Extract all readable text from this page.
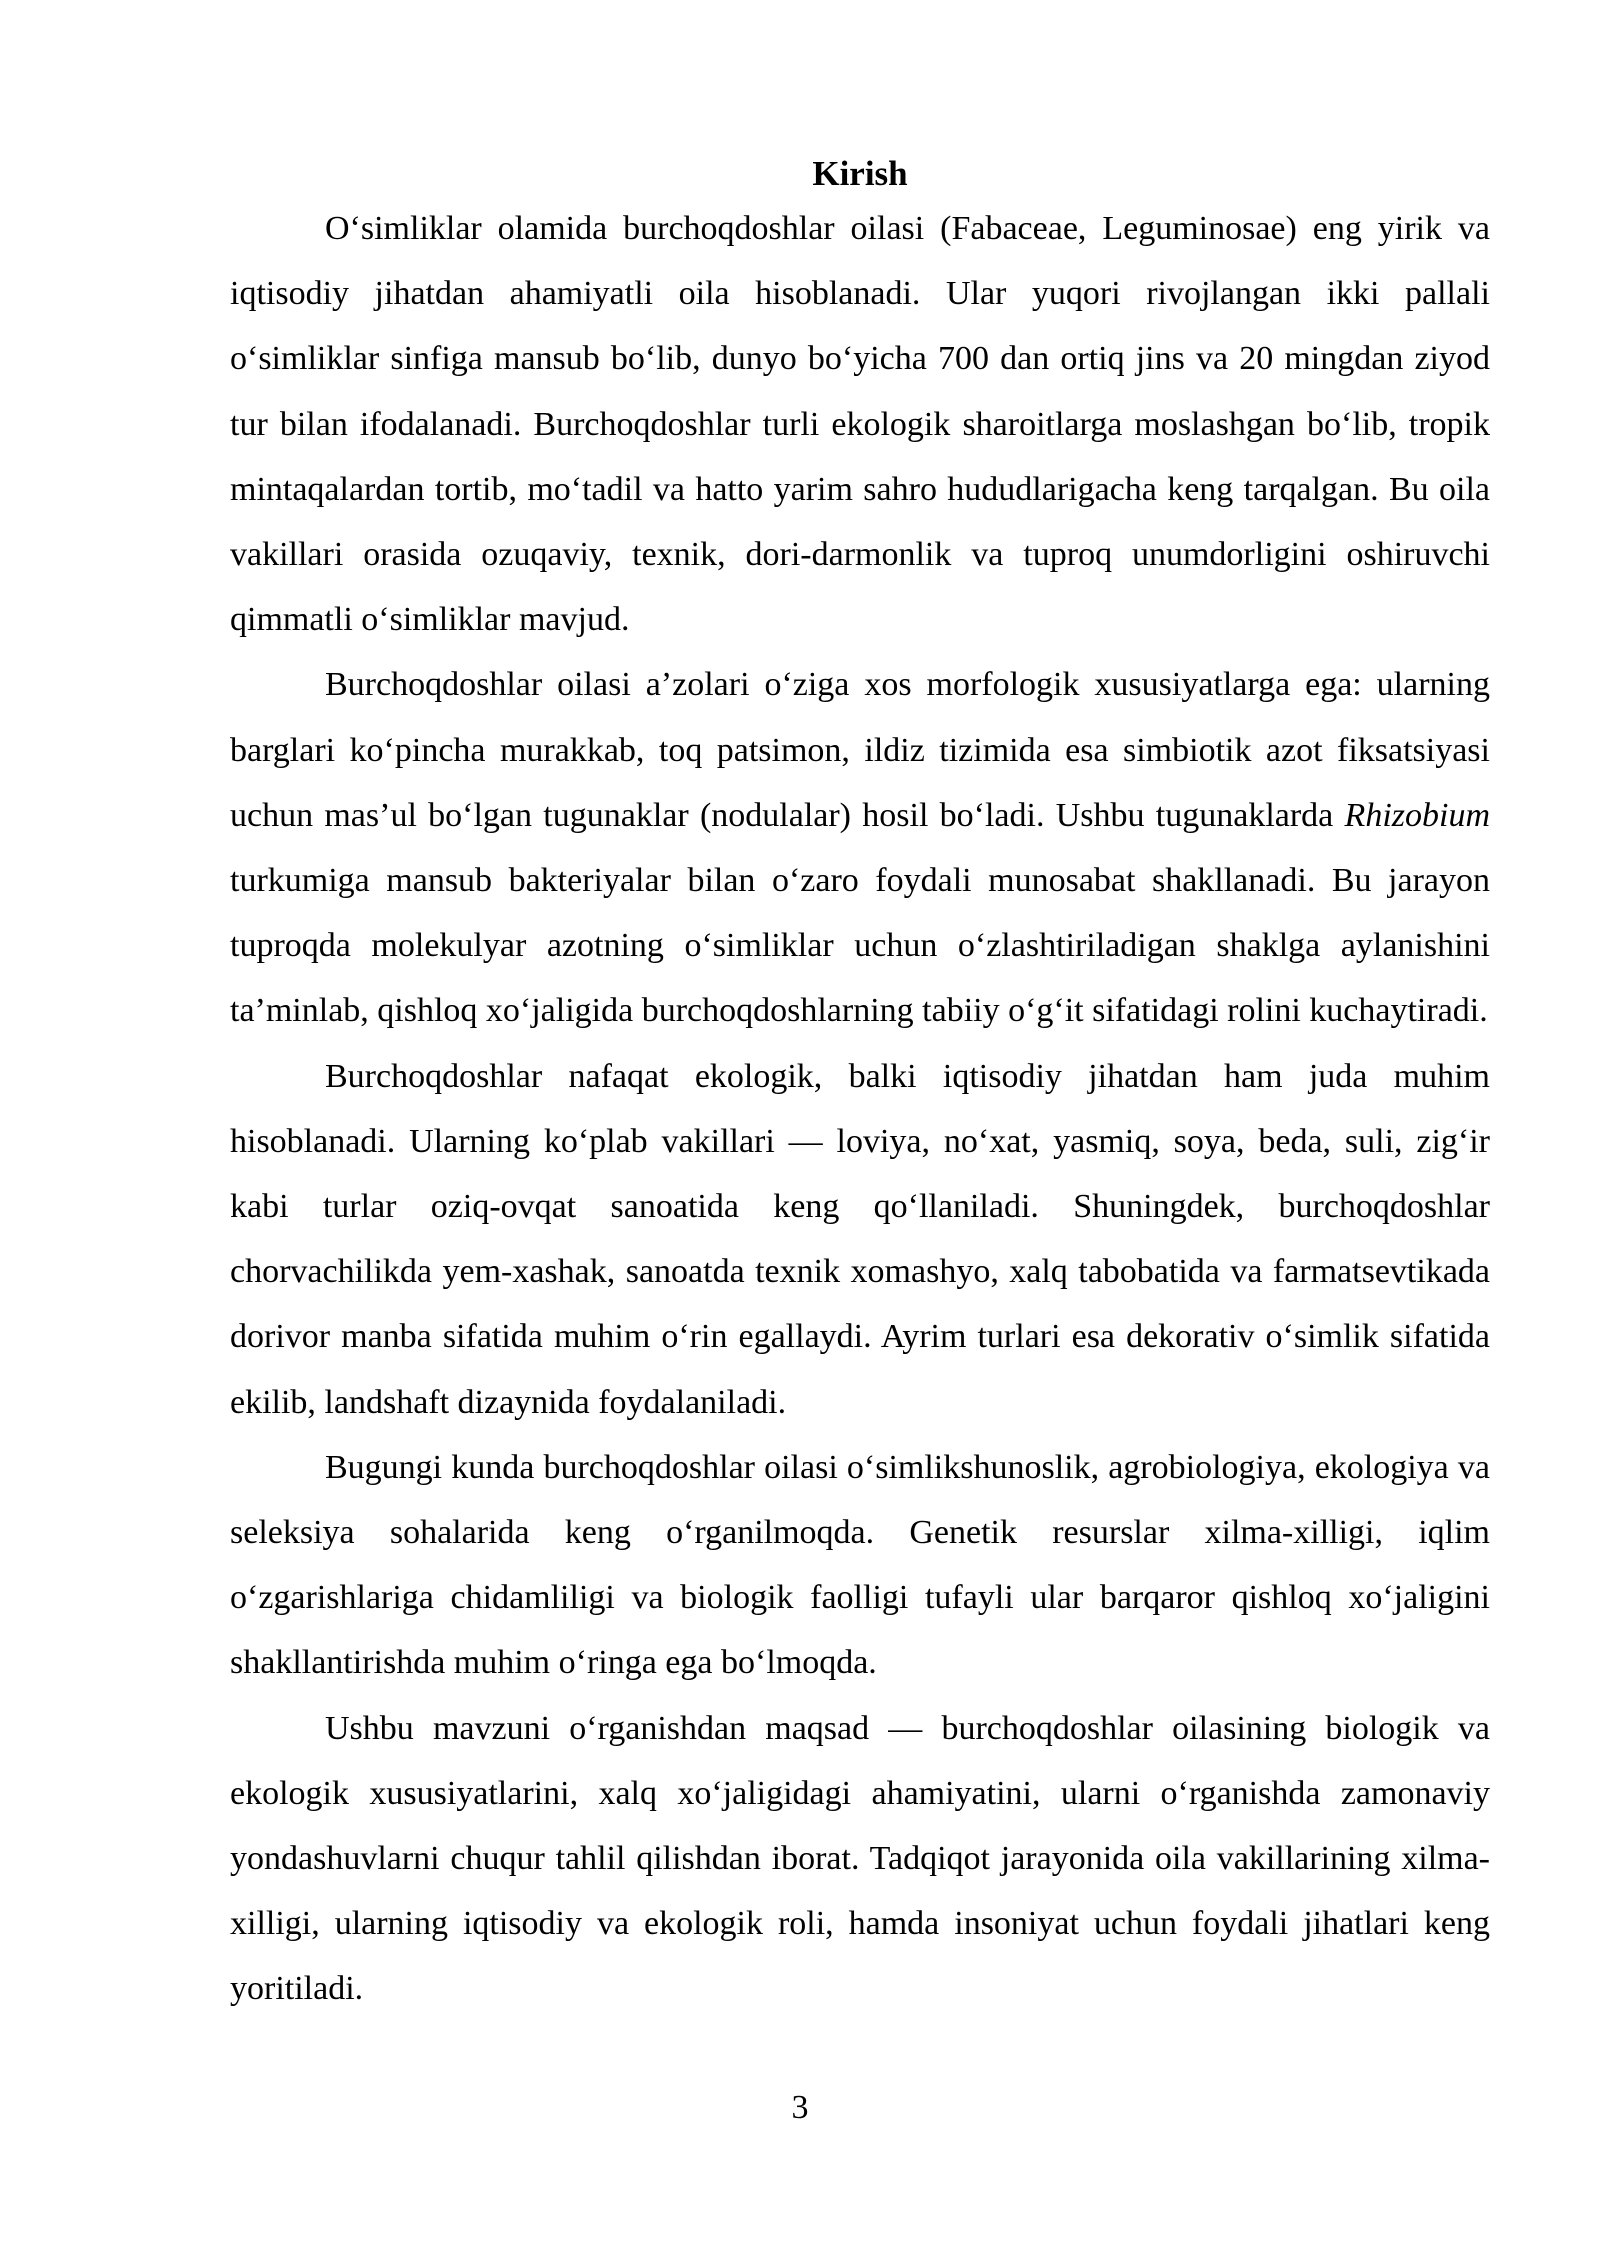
Kirish

O‘simliklar olamida burchoqdoshlar oilasi (Fabaceae, Leguminosae) eng yirik va iqtisodiy jihatdan ahamiyatli oila hisoblanadi. Ular yuqori rivojlangan ikki pallali o‘simliklar sinfiga mansub bo‘lib, dunyo bo‘yicha 700 dan ortiq jins va 20 mingdan ziyod tur bilan ifodalanadi. Burchoqdoshlar turli ekologik sharoitlarga moslashgan bo‘lib, tropik mintaqalardan tortib, mo‘tadil va hatto yarim sahro hududlarigacha keng tarqalgan. Bu oila vakillari orasida ozuqaviy, texnik, dori-darmonlik va tuproq unumdorligini oshiruvchi qimmatli o‘simliklar mavjud.

Burchoqdoshlar oilasi a’zolari o‘ziga xos morfologik xususiyatlarga ega: ularning barglari ko‘pincha murakkab, toq patsimon, ildiz tizimida esa simbiotik azot fiksatsiyasi uchun mas’ul bo‘lgan tugunaklar (nodulalar) hosil bo‘ladi. Ushbu tugunaklarda Rhizobium turkumiga mansub bakteriyalar bilan o‘zaro foydali munosabat shakllanadi. Bu jarayon tuproqda molekulyar azotning o‘simliklar uchun o‘zlashtiriladigan shaklga aylanishini ta’minlab, qishloq xo‘jaligida burchoqdoshlarning tabiiy o‘g‘it sifatidagi rolini kuchaytiradi.

Burchoqdoshlar nafaqat ekologik, balki iqtisodiy jihatdan ham juda muhim hisoblanadi. Ularning ko‘plab vakillari — loviya, no‘xat, yasmiq, soya, beda, suli, zig‘ir kabi turlar oziq-ovqat sanoatida keng qo‘llaniladi. Shuningdek, burchoqdoshlar chorvachilikda yem-xashak, sanoatda texnik xomashyo, xalq tabobatida va farmatsevtikada dorivor manba sifatida muhim o‘rin egallaydi. Ayrim turlari esa dekorativ o‘simlik sifatida ekilib, landshaft dizaynida foydalaniladi.

Bugungi kunda burchoqdoshlar oilasi o‘simlikshunoslik, agrobiologiya, ekologiya va seleksiya sohalarida keng o‘rganilmoqda. Genetik resurslar xilma-xilligi, iqlim o‘zgarishlariga chidamliligi va biologik faolligi tufayli ular barqaror qishloq xo‘jaligini shakllantirishda muhim o‘ringa ega bo‘lmoqda.

Ushbu mavzuni o‘rganishdan maqsad — burchoqdoshlar oilasining biologik va ekologik xususiyatlarini, xalq xo‘jaligidagi ahamiyatini, ularni o‘rganishda zamonaviy yondashuvlarni chuqur tahlil qilishdan iborat. Tadqiqot jarayonida oila vakillarining xilma-xilligi, ularning iqtisodiy va ekologik roli, hamda insoniyat uchun foydali jihatlari keng yoritiladi.

3
